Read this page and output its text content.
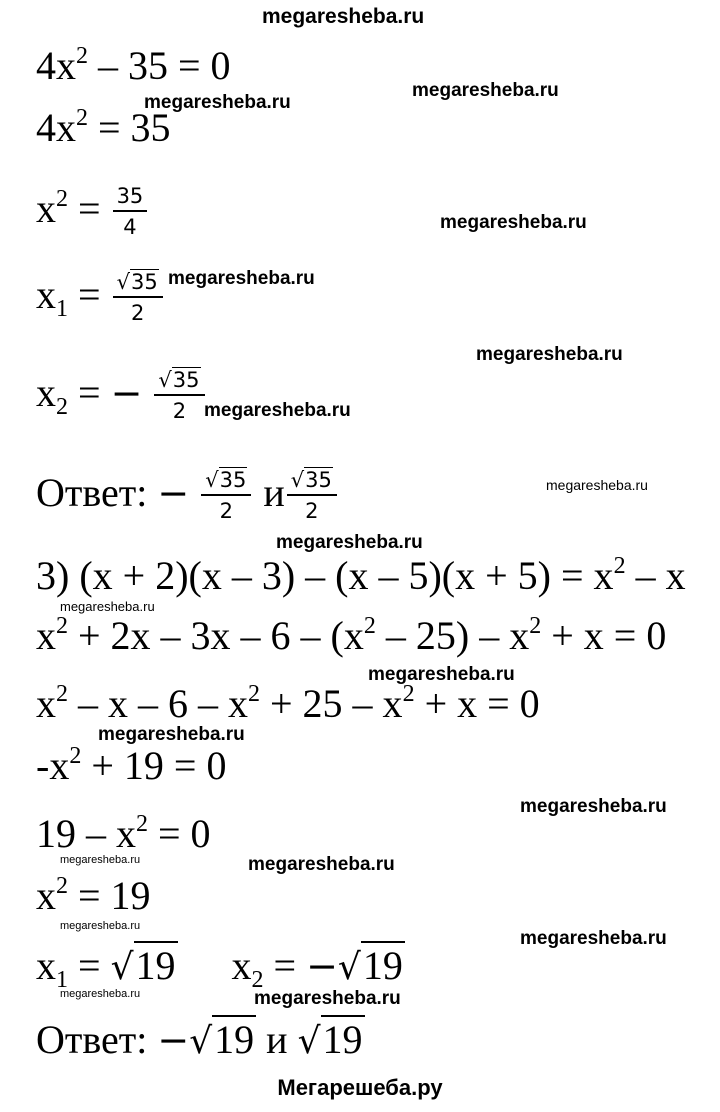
megaresheba.ru
megaresheba.ru
megaresheba.ru
megaresheba.ru
megaresheba.ru
megaresheba.ru
megaresheba.ru
megaresheba.ru
megaresheba.ru
megaresheba.ru
megaresheba.ru
megaresheba.ru
megaresheba.ru
megaresheba.ru	megaresheba.ru
megaresheba.ru
megaresheba.ru
megaresheba.ru	megaresheba.ru
$4x^2 - 35 = 0$
$4x^2 = 35$
$x^2 = \frac{35}{4}$
$x_1 = \frac{√35}{2}$
$x_2$ = − $\frac{√35}{2}$
Ответ: − $\frac{√35}{2}$ и $\frac{√35}{2}$
3) $(x + 2)(x - 3) - (x - 5)(x + 5) = x^2 - x$
$x^2 + 2x - 3x - 6 - (x^2 - 25) - x^2 + x = 0$
$x^2 - x - 6 - x^2 + 25 - x^2 + x = 0$
$-x^2 + 19 = 0$
$19 - x^2 = 0$
$x^2 = 19$
$x_1 = √19$ $x_2 = -√19$
Ответ: −√19 и √19
Мегарешеба.ру
